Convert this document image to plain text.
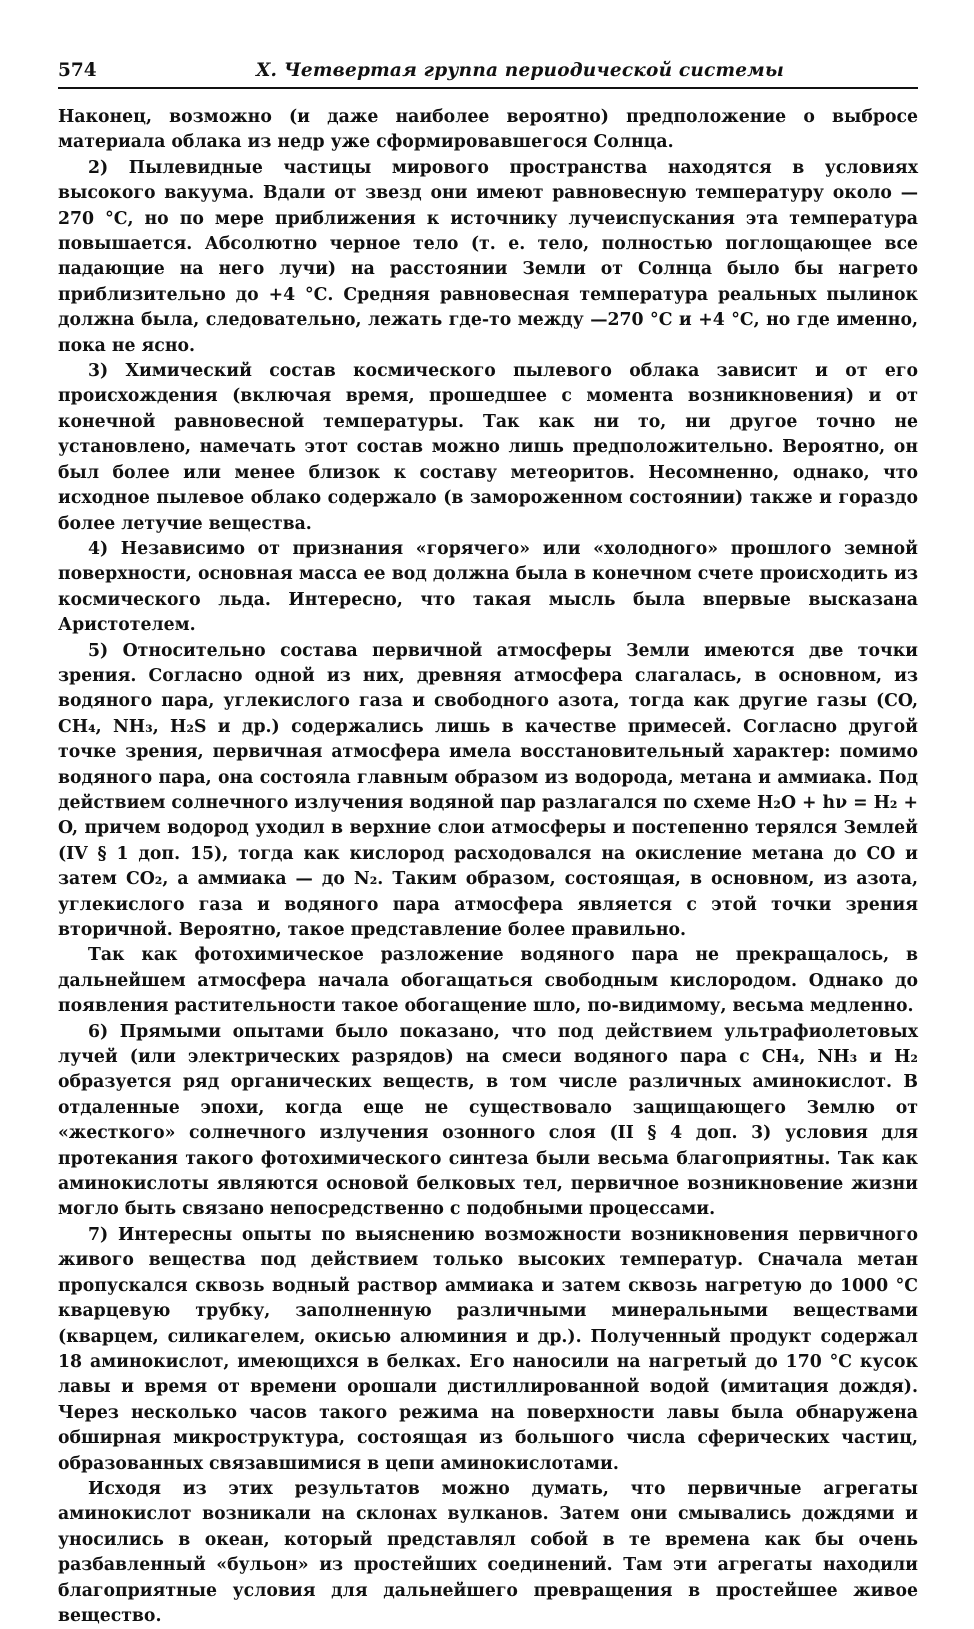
574	X. Четвертая группа периодической системы

Наконец, возможно (и даже наиболее вероятно) предположение о выбросе материала облака из недр уже сформировавшегося Солнца.

2) Пылевидные частицы мирового пространства находятся в условиях высокого вакуума. Вдали от звезд они имеют равновесную температуру около —270 °С, но по мере приближения к источнику лучеиспускания эта температура повышается. Абсолютно черное тело (т. е. тело, полностью поглощающее все падающие на него лучи) на расстоянии Земли от Солнца было бы нагрето приблизительно до +4 °С. Средняя равновесная температура реальных пылинок должна была, следовательно, лежать где-то между —270 °С и +4 °С, но где именно, пока не ясно.

3) Химический состав космического пылевого облака зависит и от его происхождения (включая время, прошедшее с момента возникновения) и от конечной равновесной температуры. Так как ни то, ни другое точно не установлено, намечать этот состав можно лишь предположительно. Вероятно, он был более или менее близок к составу метеоритов. Несомненно, однако, что исходное пылевое облако содержало (в замороженном состоянии) также и гораздо более летучие вещества.

4) Независимо от признания «горячего» или «холодного» прошлого земной поверхности, основная масса ее вод должна была в конечном счете происходить из космического льда. Интересно, что такая мысль была впервые высказана Аристотелем.

5) Относительно состава первичной атмосферы Земли имеются две точки зрения. Согласно одной из них, древняя атмосфера слагалась, в основном, из водяного пара, углекислого газа и свободного азота, тогда как другие газы (CO, CH₄, NH₃, H₂S и др.) содержались лишь в качестве примесей. Согласно другой точке зрения, первичная атмосфера имела восстановительный характер: помимо водяного пара, она состояла главным образом из водорода, метана и аммиака. Под действием солнечного излучения водяной пар разлагался по схеме H₂O + hν = H₂ + O, причем водород уходил в верхние слои атмосферы и постепенно терялся Землей (IV § 1 доп. 15), тогда как кислород расходовался на окисление метана до CO и затем CO₂, а аммиака — до N₂. Таким образом, состоящая, в основном, из азота, углекислого газа и водяного пара атмосфера является с этой точки зрения вторичной. Вероятно, такое представление более правильно.

Так как фотохимическое разложение водяного пара не прекращалось, в дальнейшем атмосфера начала обогащаться свободным кислородом. Однако до появления растительности такое обогащение шло, по-видимому, весьма медленно.

6) Прямыми опытами было показано, что под действием ультрафиолетовых лучей (или электрических разрядов) на смеси водяного пара с CH₄, NH₃ и H₂ образуется ряд органических веществ, в том числе различных аминокислот. В отдаленные эпохи, когда еще не существовало защищающего Землю от «жесткого» солнечного излучения озонного слоя (II § 4 доп. 3) условия для протекания такого фотохимического синтеза были весьма благоприятны. Так как аминокислоты являются основой белковых тел, первичное возникновение жизни могло быть связано непосредственно с подобными процессами.

7) Интересны опыты по выяснению возможности возникновения первичного живого вещества под действием только высоких температур. Сначала метан пропускался сквозь водный раствор аммиака и затем сквозь нагретую до 1000 °С кварцевую трубку, заполненную различными минеральными веществами (кварцем, силикагелем, окисью алюминия и др.). Полученный продукт содержал 18 аминокислот, имеющихся в белках. Его наносили на нагретый до 170 °С кусок лавы и время от времени орошали дистиллированной водой (имитация дождя). Через несколько часов такого режима на поверхности лавы была обнаружена обширная микроструктура, состоящая из большого числа сферических частиц, образованных связавшимися в цепи аминокислотами.

Исходя из этих результатов можно думать, что первичные агрегаты аминокислот возникали на склонах вулканов. Затем они смывались дождями и уносились в океан, который представлял собой в те времена как бы очень разбавленный «бульон» из простейших соединений. Там эти агрегаты находили благоприятные условия для дальнейшего превращения в простейшее живое вещество.
